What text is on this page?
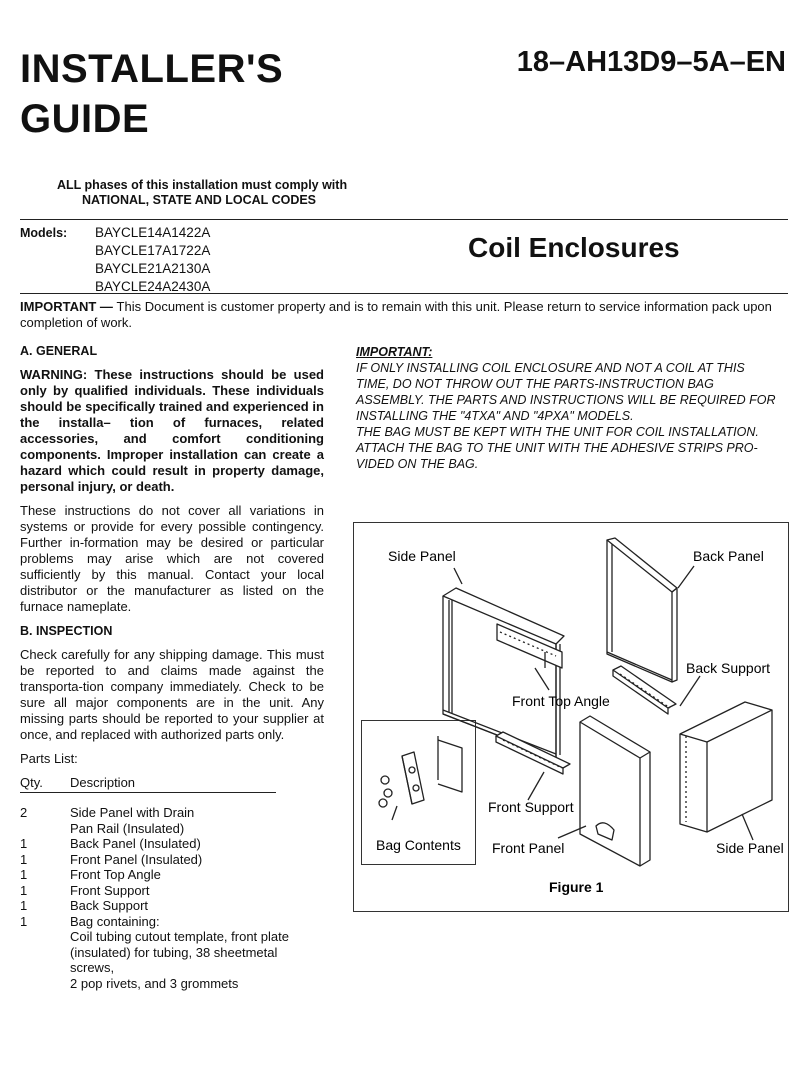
INSTALLER'S
GUIDE
18–AH13D9–5A–EN
ALL phases of this installation must comply with
NATIONAL, STATE AND LOCAL CODES
Models: BAYCLE14A1422A
BAYCLE17A1722A
BAYCLE21A2130A
BAYCLE24A2430A
Coil Enclosures
IMPORTANT — This Document is customer property and is to remain with this unit. Please return to service information pack upon completion of work.
A. GENERAL

WARNING: These instructions should be used only by qualified individuals. These individuals should be specifically trained and experienced in the installa– tion of furnaces, related accessories, and comfort conditioning components. Improper installation can create a hazard which could result in property damage, personal injury, or death.

These instructions do not cover all variations in systems or provide for every possible contingency. Further in-formation may be desired or particular problems may arise which are not covered sufficiently by this manual. Contact your local distributor or the manufacturer as listed on the furnace nameplate.

B. INSPECTION

Check carefully for any shipping damage. This must be reported to and claims made against the transporta-tion company immediately. Check to be sure all major components are in the unit. Any missing parts should be reported to your supplier at once, and replaced with authorized parts only.

Parts List:
Qty.	Description
2	Side Panel with Drain
Pan Rail (Insulated)
1	Back Panel (Insulated)
1	Front Panel (Insulated)
1	Front Top Angle
1	Front Support
1	Back Support
1	Bag containing:
Coil tubing cutout template, front plate
(insulated) for tubing, 38 sheetmetal screws,
2 pop rivets, and 3 grommets
IMPORTANT:
IF ONLY INSTALLING COIL ENCLOSURE AND NOT A COIL AT THIS
TIME, DO NOT THROW OUT THE PARTS-INSTRUCTION BAG
ASSEMBLY. THE PARTS AND INSTRUCTIONS WILL BE REQUIRED FOR
INSTALLING THE "4TXA" AND "4PXA" MODELS.
THE BAG MUST BE KEPT WITH THE UNIT FOR COIL INSTALLATION.
ATTACH THE BAG TO THE UNIT WITH THE ADHESIVE STRIPS PRO-
VIDED ON THE BAG.
Side Panel	Back Panel
Back Support
Front Top Angle
Bag Contents
Front Support
Front Panel	Side Panel
Figure 1
